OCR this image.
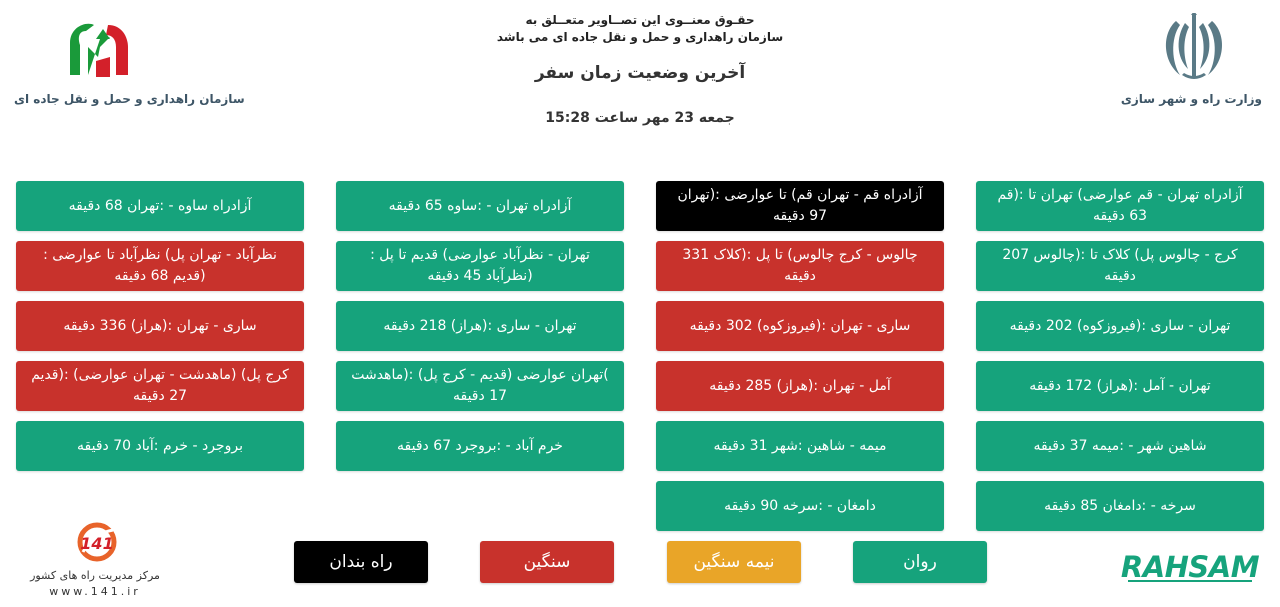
حقـوق معنــوی این تصــاویر متعــلق به
سازمان راهداری و حمل و نقل جاده ای می باشد
آخرین وضعیت زمان سفر
جمعه 23 مهر ساعت 15:28
وزارت راه و شهر سازی
سازمان راهداری و حمل و نقل جاده ای
آزادراه تهران - قم عوارضی) تهران تا :(قم 63 دقیقه
آزادراه قم - تهران قم) تا عوارضی :(تهران 97 دقیقه
آزادراه تهران - :ساوه 65 دقیقه
آزادراه ساوه - :تهران 68 دقیقه
کرج - چالوس پل) کلاک تا :(چالوس 207 دقیقه
چالوس - کرج چالوس) تا پل :(کلاک 331 دقیقه
تهران - نظرآباد عوارضی) قدیم تا پل :(نظرآباد 45 دقیقه
نظرآباد - تهران پل) نظرآباد تا عوارضی :(قدیم 68 دقیقه
تهران - ساری :(فیروزکوه) 202 دقیقه
ساری - تهران :(فیروزکوه) 302 دقیقه
تهران - ساری :(هراز) 218 دقیقه
ساری - تهران :(هراز) 336 دقیقه
تهران - آمل :(هراز) 172 دقیقه
آمل - تهران :(هراز) 285 دقیقه
)تهران عوارضی (قدیم - کرج پل) :(ماهدشت 17 دقیقه
کرج پل) (ماهدشت - تهران عوارضی) :(قدیم 27 دقیقه
شاهین شهر - :میمه 37 دقیقه
میمه - شاهین :شهر 31 دقیقه
خرم آباد - :بروجرد 67 دقیقه
بروجرد - خرم :آباد 70 دقیقه
سرخه - :دامغان 85 دقیقه
دامغان - :سرخه 90 دقیقه
روان
نیمه سنگین
سنگین
راه بندان	RAHSAM
141
مرکز مدیریت راه های کشور
www.141.ir
